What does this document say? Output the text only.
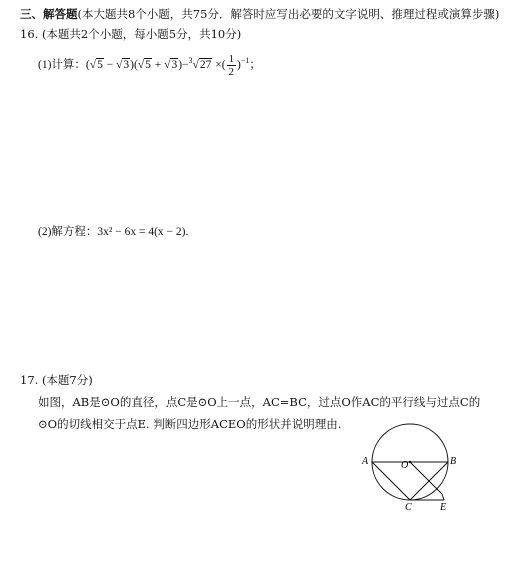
三、解答题(本大题共8个小题，共75分．解答时应写出必要的文字说明、推理过程或演算步骤)
16. (本题共2个小题，每小题5分，共10分)
(1)计算：(√5 − √3)(√5 + √3)−$^3$√27 ×( $\frac{1}{2} )^{-1}$；
(2)解方程：3x² − 6x = 4(x − 2).
17. (本题7分)
如图，AB是⊙O的直径，点C是⊙O上一点，AC=BC，过点O作AC的平行线与过点C的
⊙O的切线相交于点E. 判断四边形ACEO的形状并说明理由.
A	O	B
C	E
